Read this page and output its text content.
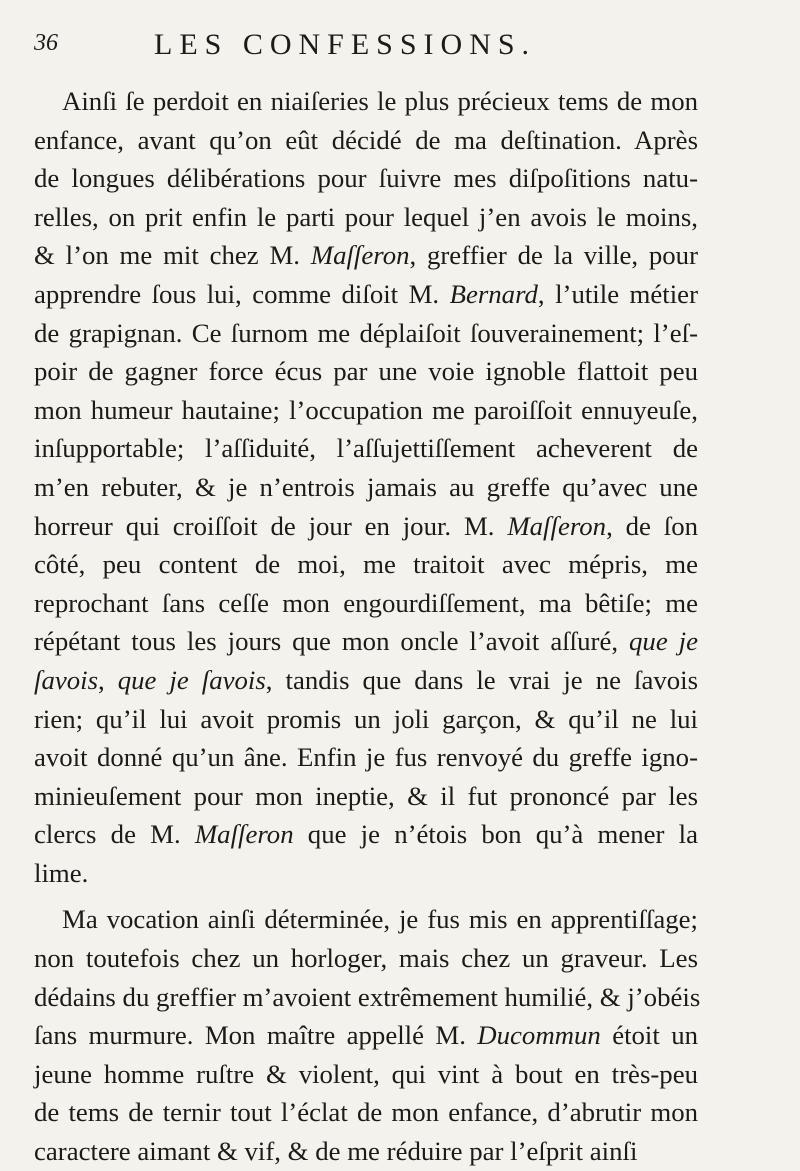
36	LES CONFESSIONS.
Ainſi ſe perdoit en niaiſeries le plus précieux tems de mon
enfance, avant qu’on eût décidé de ma deſtination. Après
de longues délibérations pour ſuivre mes diſpoſitions natu-
relles, on prit enfin le parti pour lequel j’en avois le moins,
& l’on me mit chez M. Maſſeron, greffier de la ville, pour
apprendre ſous lui, comme diſoit M. Bernard, l’utile métier
de grapignan. Ce ſurnom me déplaiſoit ſouverainement; l’eſ-
poir de gagner force écus par une voie ignoble flattoit peu
mon humeur hautaine; l’occupation me paroiſſoit ennuyeuſe,
inſupportable; l’aſſiduité, l’aſſujettiſſement acheverent de
m’en rebuter, & je n’entrois jamais au greffe qu’avec une
horreur qui croiſſoit de jour en jour. M. Maſſeron, de ſon
côté, peu content de moi, me traitoit avec mépris, me
reprochant ſans ceſſe mon engourdiſſement, ma bêtiſe; me
répétant tous les jours que mon oncle l’avoit aſſuré, que je
ſavois, que je ſavois, tandis que dans le vrai je ne ſavois
rien; qu’il lui avoit promis un joli garçon, & qu’il ne lui
avoit donné qu’un âne. Enfin je fus renvoyé du greffe igno-
minieuſement pour mon ineptie, & il fut prononcé par les
clercs de M. Maſſeron que je n’étois bon qu’à mener la
lime.
Ma vocation ainſi déterminée, je fus mis en apprentiſſage;
non toutefois chez un horloger, mais chez un graveur. Les
dédains du greffier m’avoient extrêmement humilié, & j’obéis
ſans murmure. Mon maître appellé M. Ducommun étoit un
jeune homme ruſtre & violent, qui vint à bout en très-peu
de tems de ternir tout l’éclat de mon enfance, d’abrutir mon
caractere aimant & vif, & de me réduire par l’eſprit ainſi
